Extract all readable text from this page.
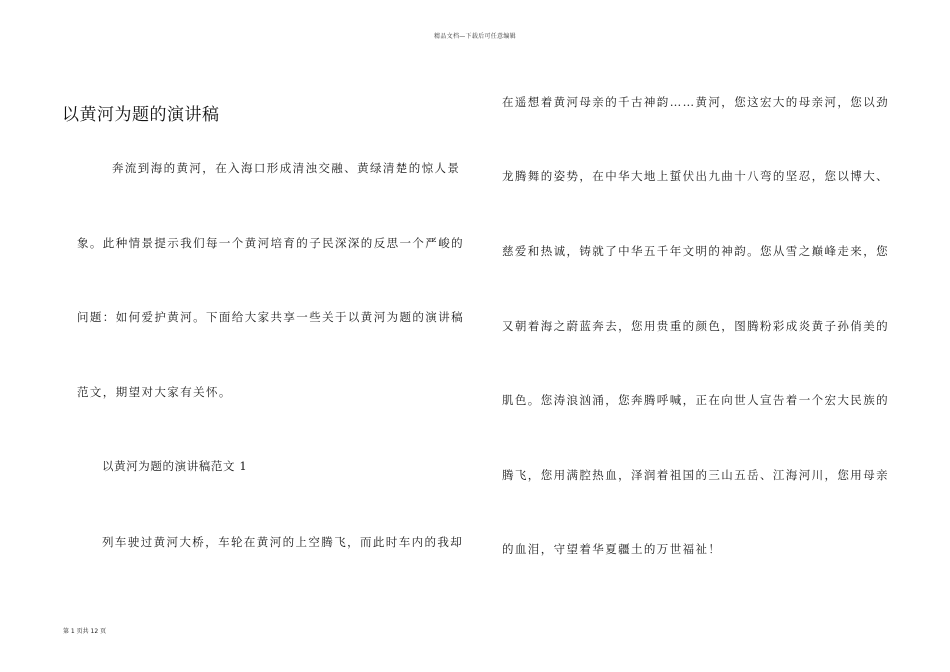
精品文档—下载后可任意编辑
以黄河为题的演讲稿
奔流到海的黄河，在入海口形成清浊交融、黄绿清楚的惊人景
象。此种情景提示我们每一个黄河培育的子民深深的反思一个严峻的
问题：如何爱护黄河。下面给大家共享一些关于以黄河为题的演讲稿
范文，期望对大家有关怀。
以黄河为题的演讲稿范文 1
列车驶过黄河大桥，车轮在黄河的上空腾飞，而此时车内的我却
在遥想着黄河母亲的千古神韵……黄河，您这宏大的母亲河，您以劲
龙腾舞的姿势，在中华大地上蜇伏出九曲十八弯的坚忍，您以博大、
慈爱和热诚，铸就了中华五千年文明的神韵。您从雪之巅峰走来，您
又朝着海之蔚蓝奔去，您用贵重的颜色，图腾粉彩成炎黄子孙俏美的
肌色。您涛浪汹涌，您奔腾呼喊，正在向世人宣告着一个宏大民族的
腾飞，您用满腔热血，泽润着祖国的三山五岳、江海河川，您用母亲
的血泪，守望着华夏疆土的万世福祉！
第 1 页共 12 页
